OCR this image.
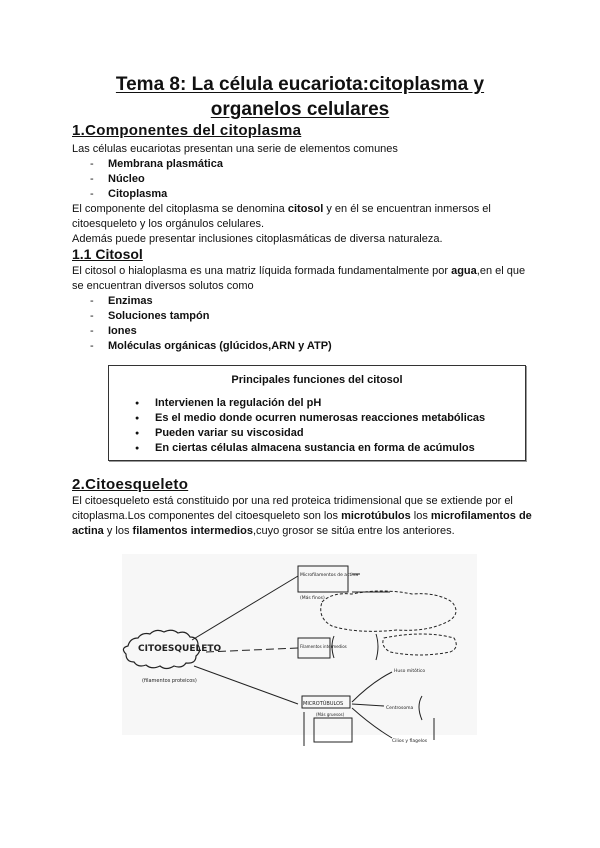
Tema 8: La célula eucariota:citoplasma y
organelos celulares
1.Componentes del citoplasma
Las células eucariotas presentan una serie de elementos comunes
- Membrana plasmática
- Núcleo
- Citoplasma
El componente del citoplasma se denomina citosol y en él se encuentran inmersos el citoesqueleto y los orgánulos celulares.
Además puede presentar inclusiones citoplasmáticas de diversa naturaleza.
1.1 Citosol
El citosol o hialoplasma es una matriz líquida formada fundamentalmente por agua,en el que se encuentran diversos solutos como
- Enzimas
- Soluciones tampón
- Iones
- Moléculas orgánicas (glúcidos,ARN y ATP)
Principales funciones del citosol
● Intervienen la regulación del pH
● Es el medio donde ocurren numerosas reacciones metabólicas
● Pueden variar su viscosidad
● En ciertas células almacena sustancia en forma de acúmulos
2.Citoesqueleto
El citoesqueleto está constituido por una red proteica tridimensional que se extiende por el citoplasma.Los componentes del citoesqueleto son los microtúbulos los microfilamentos de actina y los filamentos intermedios,cuyo grosor se sitúa entre los anteriores.
CITOESQUELETO
(filamentos proteicos)
Microfilamentos de actina
(Más finos)
Filamentos intermedios
MICROTÚBULOS
(Más gruesos)
Huso mitótico
Centrosoma
Cilios y flagelos
